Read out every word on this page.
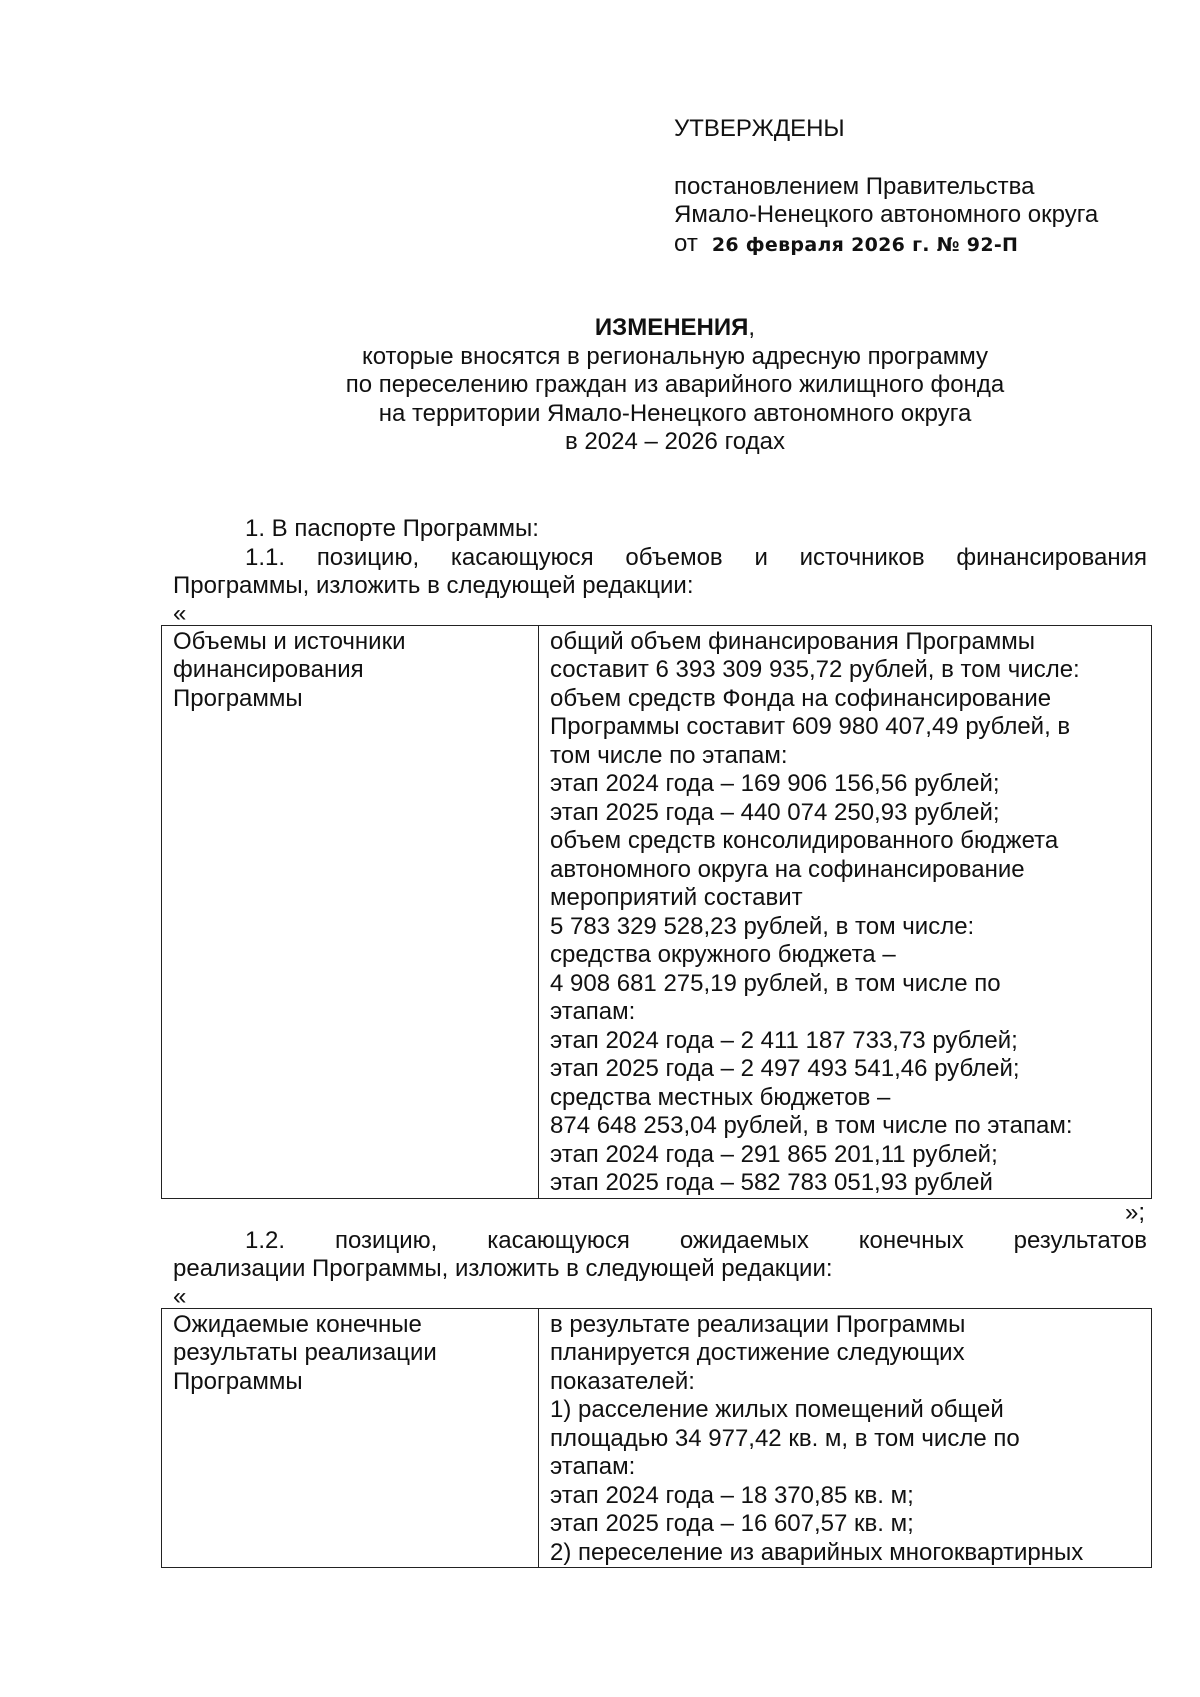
УТВЕРЖДЕНЫ
постановлением Правительства
Ямало-Ненецкого автономного округа
от 26 февраля 2026 г. № 92-П
ИЗМЕНЕНИЯ,
которые вносятся в региональную адресную программу
по переселению граждан из аварийного жилищного фонда
на территории Ямало-Ненецкого автономного округа
в 2024 – 2026 годах
1. В паспорте Программы:
1.1. позицию, касающуюся объемов и источников финансирования
Программы, изложить в следующей редакции:
«
Объемы и источники
финансирования
Программы

общий объем финансирования Программы
составит 6 393 309 935,72 рублей, в том числе:
объем средств Фонда на софинансирование
Программы составит 609 980 407,49 рублей, в
том числе по этапам:
этап 2024 года – 169 906 156,56 рублей;
этап 2025 года – 440 074 250,93 рублей;
объем средств консолидированного бюджета
автономного округа на софинансирование
мероприятий составит
5 783 329 528,23 рублей, в том числе:
средства окружного бюджета –
4 908 681 275,19 рублей, в том числе по
этапам:
этап 2024 года – 2 411 187 733,73 рублей;
этап 2025 года – 2 497 493 541,46 рублей;
средства местных бюджетов –
874 648 253,04 рублей, в том числе по этапам:
этап 2024 года – 291 865 201,11 рублей;
этап 2025 года – 582 783 051,93 рублей
»;
1.2. позицию, касающуюся ожидаемых конечных результатов
реализации Программы, изложить в следующей редакции:
«
Ожидаемые конечные
результаты реализации
Программы

в результате реализации Программы
планируется достижение следующих
показателей:
1) расселение жилых помещений общей
площадью 34 977,42 кв. м, в том числе по
этапам:
этап 2024 года – 18 370,85 кв. м;
этап 2025 года – 16 607,57 кв. м;
2) переселение из аварийных многоквартирных
